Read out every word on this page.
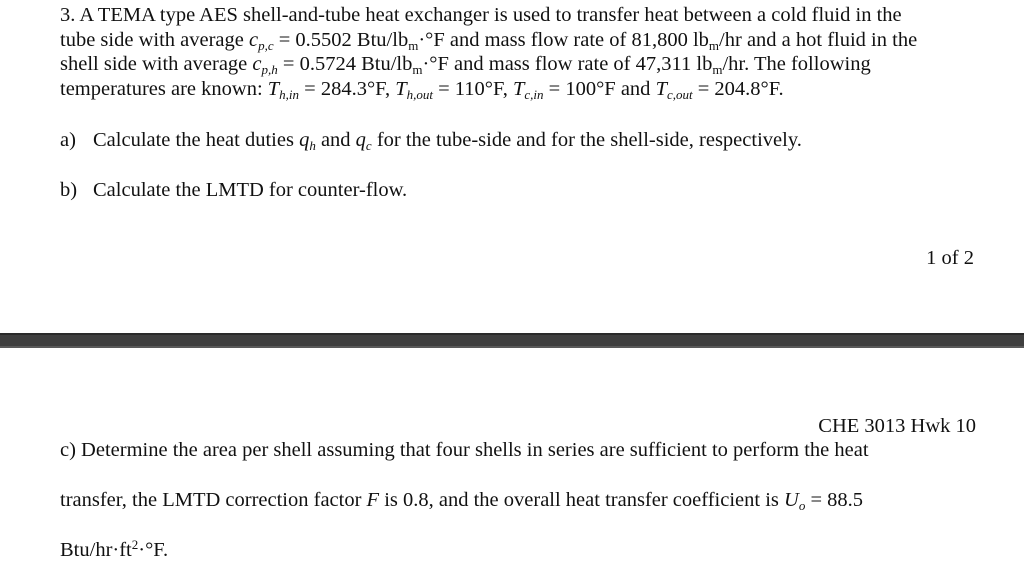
3. A TEMA type AES shell-and-tube heat exchanger is used to transfer heat between a cold fluid in the
tube side with average $c_{p,c} = 0.5502$ Btu/$lb_m\cdot^\circ F$ and mass flow rate of 81,800 $lb_m/hr$ and a hot fluid in the
shell side with average $c_{p,h} = 0.5724$ Btu/$lb_m\cdot^\circ F$ and mass flow rate of 47,311 $lb_m/hr$. The following
temperatures are known: $T_{h,in} = 284.3^\circ F$, $T_{h,out} = 110^\circ F$, $T_{c,in} = 100^\circ F$ and $T_{c,out} = 204.8^\circ F$.
a) Calculate the heat duties $q_h$ and $q_c$ for the tube-side and for the shell-side, respectively.
b) Calculate the LMTD for counter-flow.
1 of 2
CHE 3013 Hwk 10
c) Determine the area per shell assuming that four shells in series are sufficient to perform the heat
transfer, the LMTD correction factor F is 0.8, and the overall heat transfer coefficient is $U_o = 88.5$
Btu/$hr\cdot ft^2\cdot^\circ F$.
